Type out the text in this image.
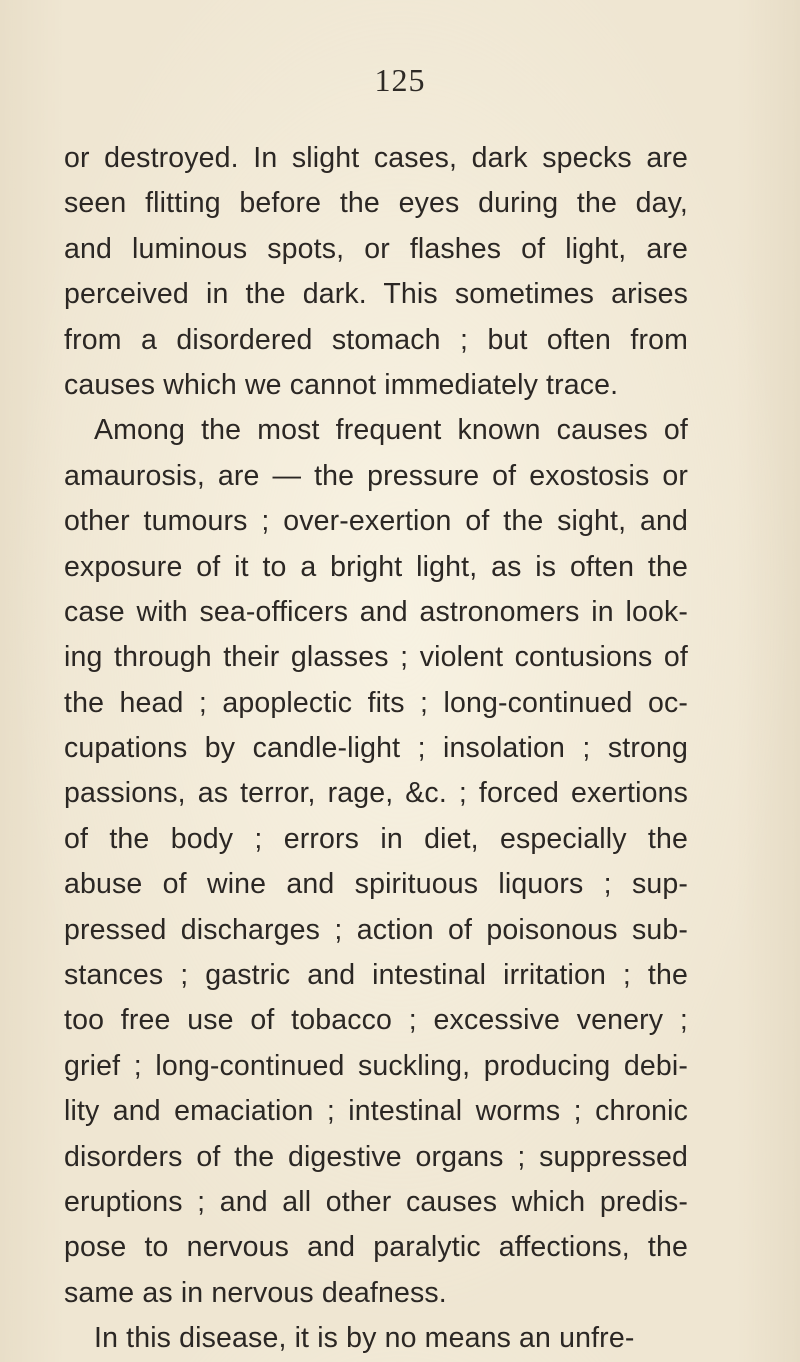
125
or destroyed. In slight cases, dark specks are
seen flitting before the eyes during the day,
and luminous spots, or flashes of light, are
perceived in the dark. This sometimes arises
from a disordered stomach ; but often from
causes which we cannot immediately trace.
Among the most frequent known causes of
amaurosis, are — the pressure of exostosis or
other tumours ; over-exertion of the sight, and
exposure of it to a bright light, as is often the
case with sea-officers and astronomers in look-
ing through their glasses ; violent contusions of
the head ; apoplectic fits ; long-continued oc-
cupations by candle-light ; insolation ; strong
passions, as terror, rage, &c. ; forced exertions
of the body ; errors in diet, especially the
abuse of wine and spirituous liquors ; sup-
pressed discharges ; action of poisonous sub-
stances ; gastric and intestinal irritation ; the
too free use of tobacco ; excessive venery ;
grief ; long-continued suckling, producing debi-
lity and emaciation ; intestinal worms ; chronic
disorders of the digestive organs ; suppressed
eruptions ; and all other causes which predis-
pose to nervous and paralytic affections, the
same as in nervous deafness.
In this disease, it is by no means an unfre-
